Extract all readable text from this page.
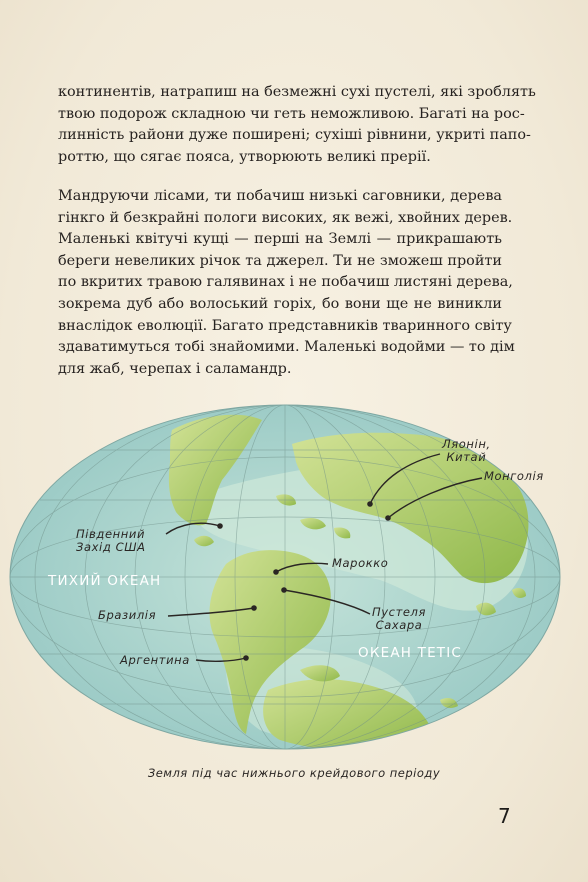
континентів, натрапиш на безмежні сухі пустелі, які зроблять
твою подорож складною чи геть неможливою. Багаті на рос-
линність райони дуже поширені; сухіші рівнини, укриті папо-
роттю, що сягає пояса, утворюють великі прерії.

Мандруючи лісами, ти побачиш низькі саговники, дерева
гінкго й безкрайні пологи високих, як вежі, хвойних дерев.
Маленькі квітучі кущі — перші на Землі — прикрашають
береги невеликих річок та джерел. Ти не зможеш пройти
по вкритих травою галявинах і не побачиш листяні дерева,
зокрема дуб або волоський горіх, бо вони ще не виникли
внаслідок еволюції. Багато представників тваринного світу
здаватимуться тобі знайомими. Маленькі водойми — то дім
для жаб, черепах і саламандр.

Ляонін,
Китай
Монголія
Південний
Захід США
Марокко
Бразилія	Пустеля
Сахара
Аргентина
ТИХИЙ ОКЕАН
ОКЕАН ТЕТІС
Земля під час нижнього крейдового періоду
7
